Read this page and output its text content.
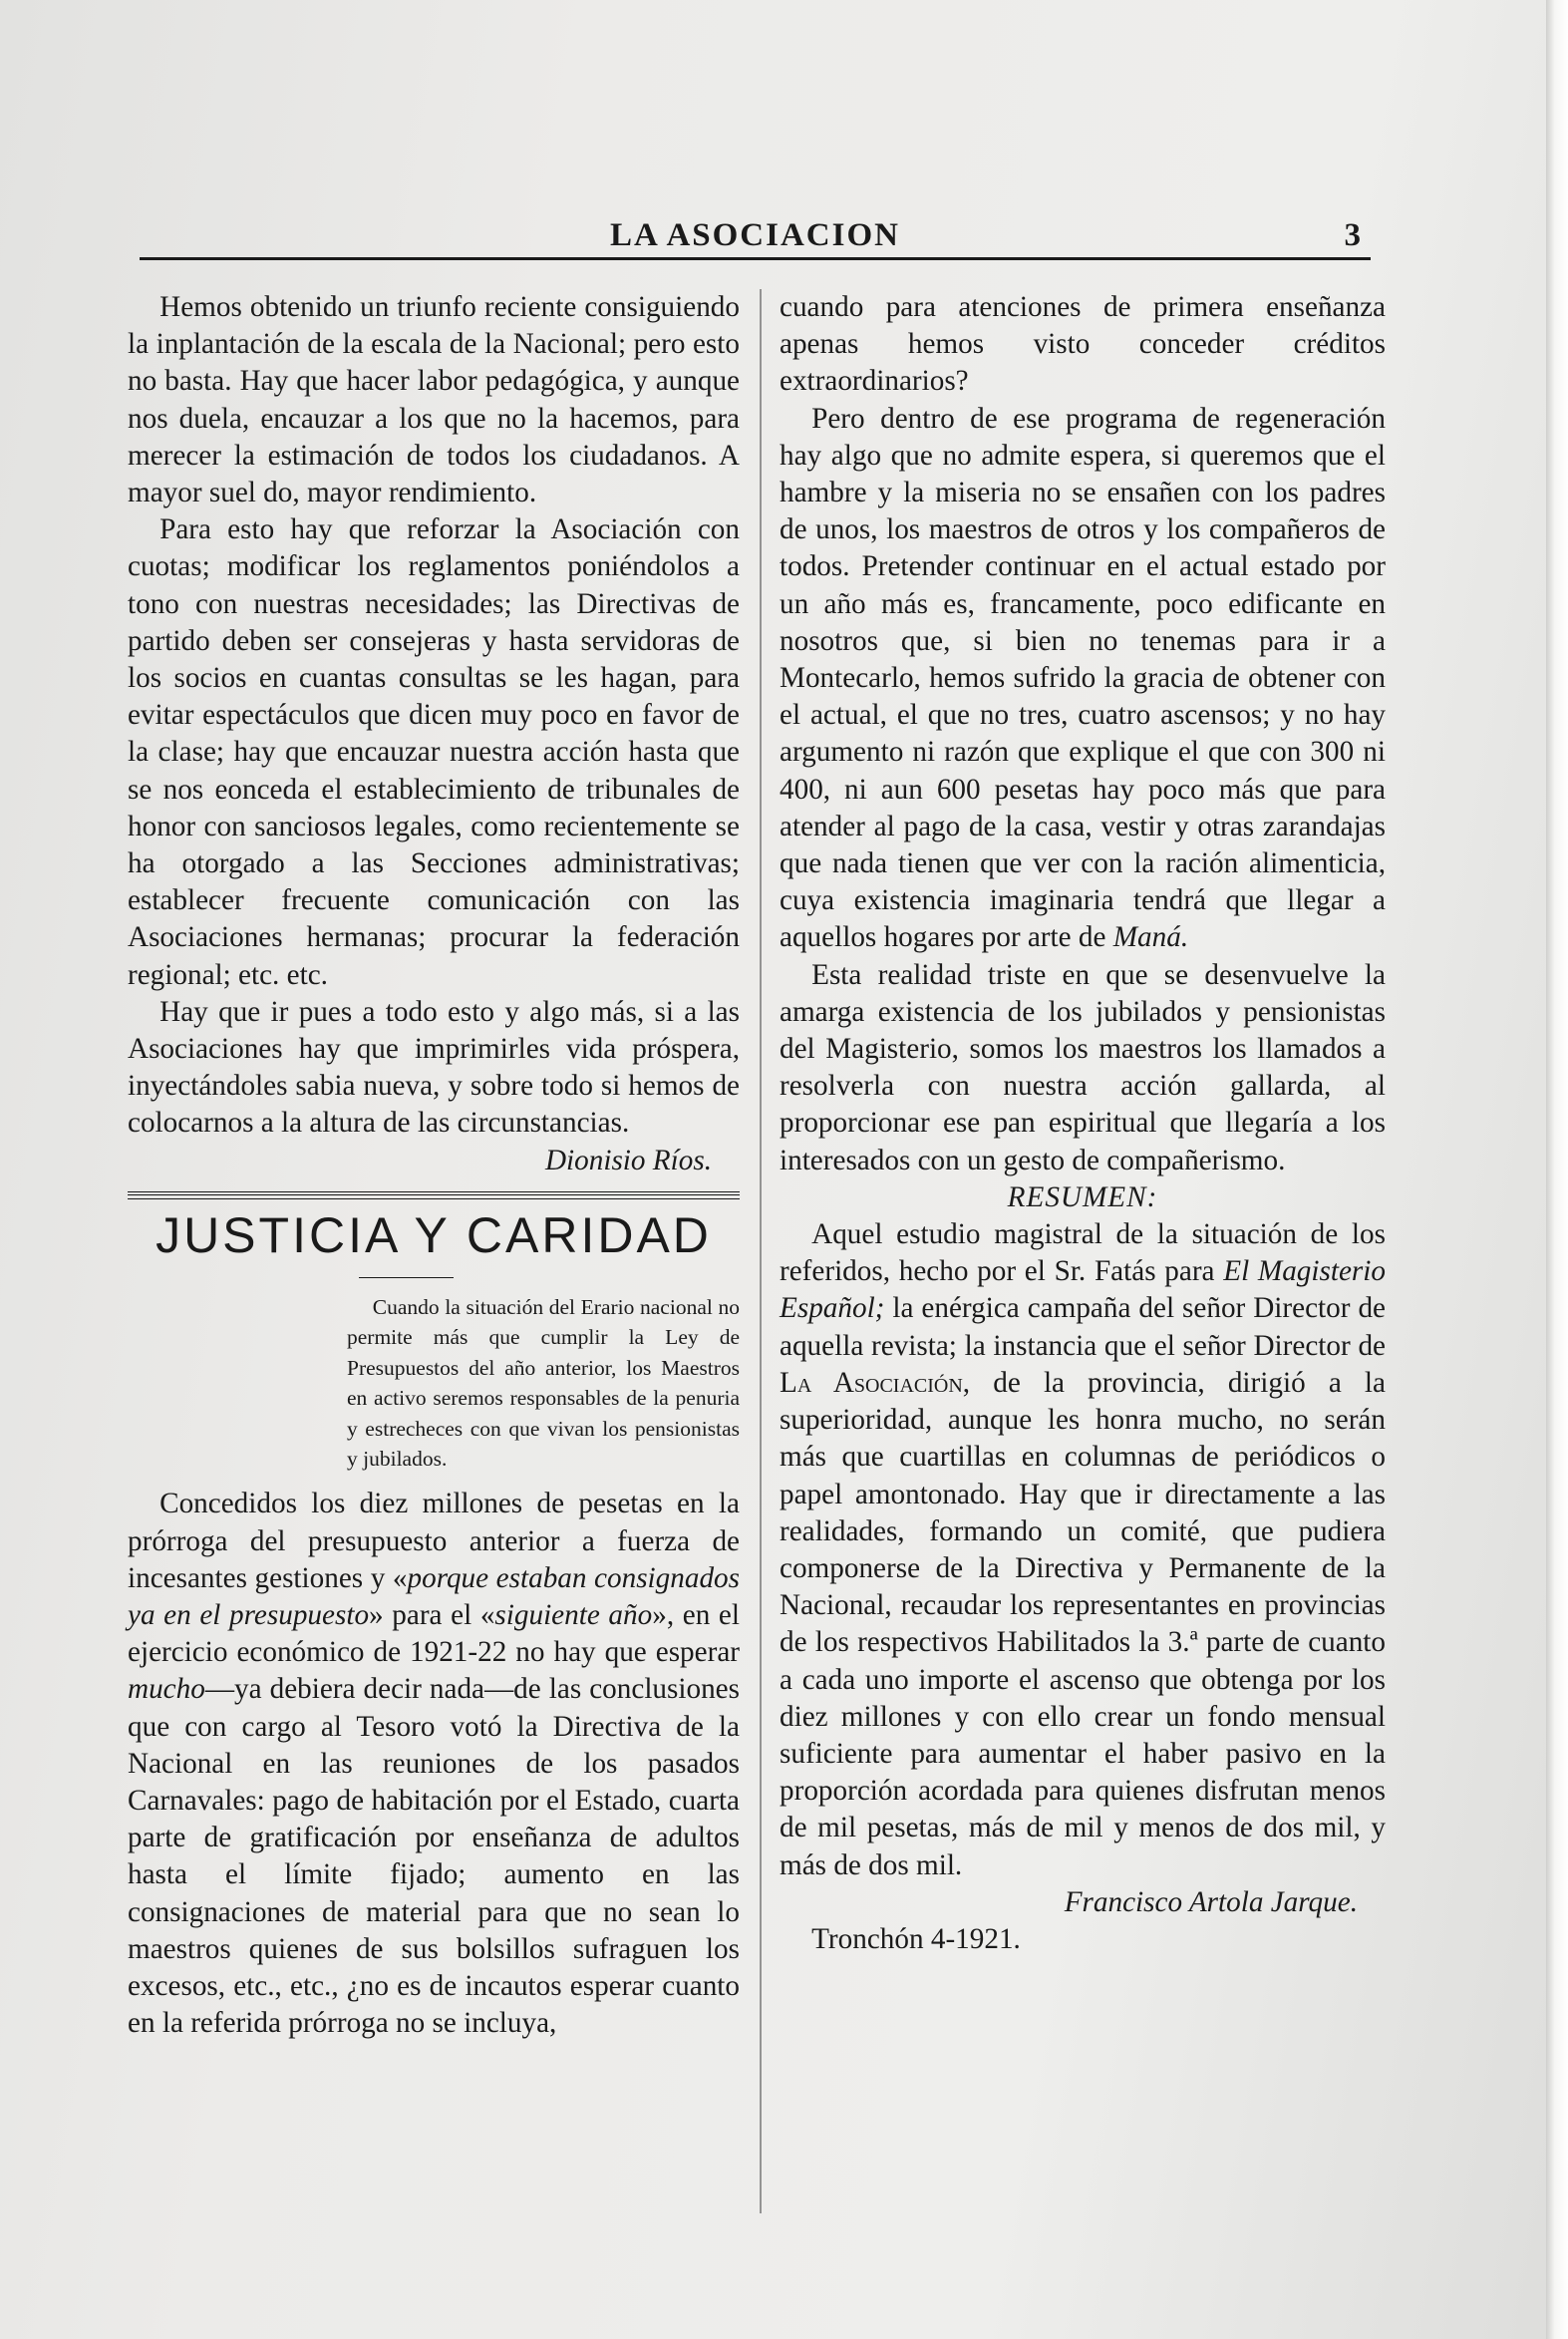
LA ASOCIACION	3

Hemos obtenido un triunfo reciente consiguiendo la inplantación de la escala de la Nacional; pero esto no basta. Hay que hacer labor pedagógica, y aunque nos duela, encauzar a los que no la hacemos, para merecer la estimación de todos los ciudadanos. A mayor suel do, mayor rendimiento.

Para esto hay que reforzar la Asociación con cuotas; modificar los reglamentos poniéndolos a tono con nuestras necesidades; las Directivas de partido deben ser consejeras y hasta servidoras de los socios en cuantas consultas se les hagan, para evitar espectáculos que dicen muy poco en favor de la clase; hay que encauzar nuestra acción hasta que se nos eonceda el establecimiento de tribunales de honor con sanciosos legales, como recientemente se ha otorgado a las Secciones administrativas; establecer frecuente comunicación con las Asociaciones hermanas; procurar la federación regional; etc. etc.

Hay que ir pues a todo esto y algo más, si a las Asociaciones hay que imprimirles vida próspera, inyectándoles sabia nueva, y sobre todo si hemos de colocarnos a la altura de las circunstancias.

Dionisio Ríos.
JUSTICIA Y CARIDAD

Cuando la situación del Erario nacional no permite más que cumplir la Ley de Presupuestos del año anterior, los Maestros en activo seremos responsables de la penuria y estrecheces con que vivan los pensionistas y jubilados.

Concedidos los diez millones de pesetas en la prórroga del presupuesto anterior a fuerza de incesantes gestiones y «porque estaban consignados ya en el presupuesto» para el «siguiente año», en el ejercicio económico de 1921-22 no hay que esperar mucho—ya debiera decir nada—de las conclusiones que con cargo al Tesoro votó la Directiva de la Nacional en las reuniones de los pasados Carnavales: pago de habitación por el Estado, cuarta parte de gratificación por enseñanza de adultos hasta el límite fijado; aumento en las consignaciones de material para que no sean lo maestros quienes de sus bolsillos sufraguen los excesos, etc., etc., ¿no es de incautos esperar cuanto en la referida prórroga no se incluya,

cuando para atenciones de primera enseñanza apenas hemos visto conceder créditos extraordinarios?

Pero dentro de ese programa de regeneración hay algo que no admite espera, si queremos que el hambre y la miseria no se ensañen con los padres de unos, los maestros de otros y los compañeros de todos. Pretender continuar en el actual estado por un año más es, francamente, poco edificante en nosotros que, si bien no tenemas para ir a Montecarlo, hemos sufrido la gracia de obtener con el actual, el que no tres, cuatro ascensos; y no hay argumento ni razón que explique el que con 300 ni 400, ni aun 600 pesetas hay poco más que para atender al pago de la casa, vestir y otras zarandajas que nada tienen que ver con la ración alimenticia, cuya existencia imaginaria tendrá que llegar a aquellos hogares por arte de Maná.

Esta realidad triste en que se desenvuelve la amarga existencia de los jubilados y pensionistas del Magisterio, somos los maestros los llamados a resolverla con nuestra acción gallarda, al proporcionar ese pan espiritual que llegaría a los interesados con un gesto de compañerismo.

RESUMEN:

Aquel estudio magistral de la situación de los referidos, hecho por el Sr. Fatás para El Magisterio Español; la enérgica campaña del señor Director de aquella revista; la instancia que el señor Director de La Asociación, de la provincia, dirigió a la superioridad, aunque les honra mucho, no serán más que cuartillas en columnas de periódicos o papel amontonado. Hay que ir directamente a las realidades, formando un comité, que pudiera componerse de la Directiva y Permanente de la Nacional, recaudar los representantes en provincias de los respectivos Habilitados la 3.ª parte de cuanto a cada uno importe el ascenso que obtenga por los diez millones y con ello crear un fondo mensual suficiente para aumentar el haber pasivo en la proporción acordada para quienes disfrutan menos de mil pesetas, más de mil y menos de dos mil, y más de dos mil.

Francisco Artola Jarque.

Tronchón 4-1921.
